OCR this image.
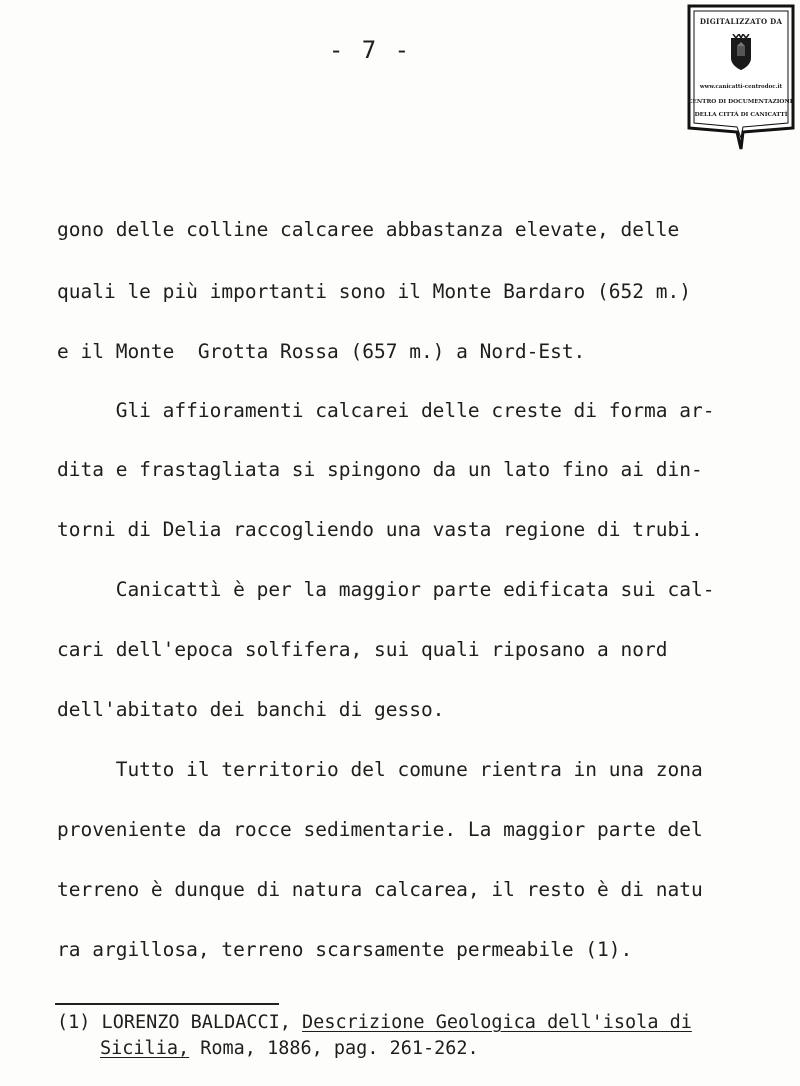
- 7 -
DIGITALIZZATO DA
www.canicatti-centrodoc.it
CENTRO DI DOCUMENTAZIONE
DELLA CITTÀ DI CANICATTÌ
gono delle colline calcaree abbastanza elevate, delle
quali le più importanti sono il Monte Bardaro (652 m.)
e il Monte  Grotta Rossa (657 m.) a Nord-Est.
Gli affioramenti calcarei delle creste di forma ar-
dita e frastagliata si spingono da un lato fino ai din-
torni di Delia raccogliendo una vasta regione di trubi.
Canicattì è per la maggior parte edificata sui cal-
cari dell'epoca solfifera, sui quali riposano a nord
dell'abitato dei banchi di gesso.
Tutto il territorio del comune rientra in una zona
proveniente da rocce sedimentarie. La maggior parte del
terreno è dunque di natura calcarea, il resto è di natu
ra argillosa, terreno scarsamente permeabile (1).
(1) LORENZO BALDACCI, Descrizione Geologica dell'isola di
Sicilia, Roma, 1886, pag. 261-262.
